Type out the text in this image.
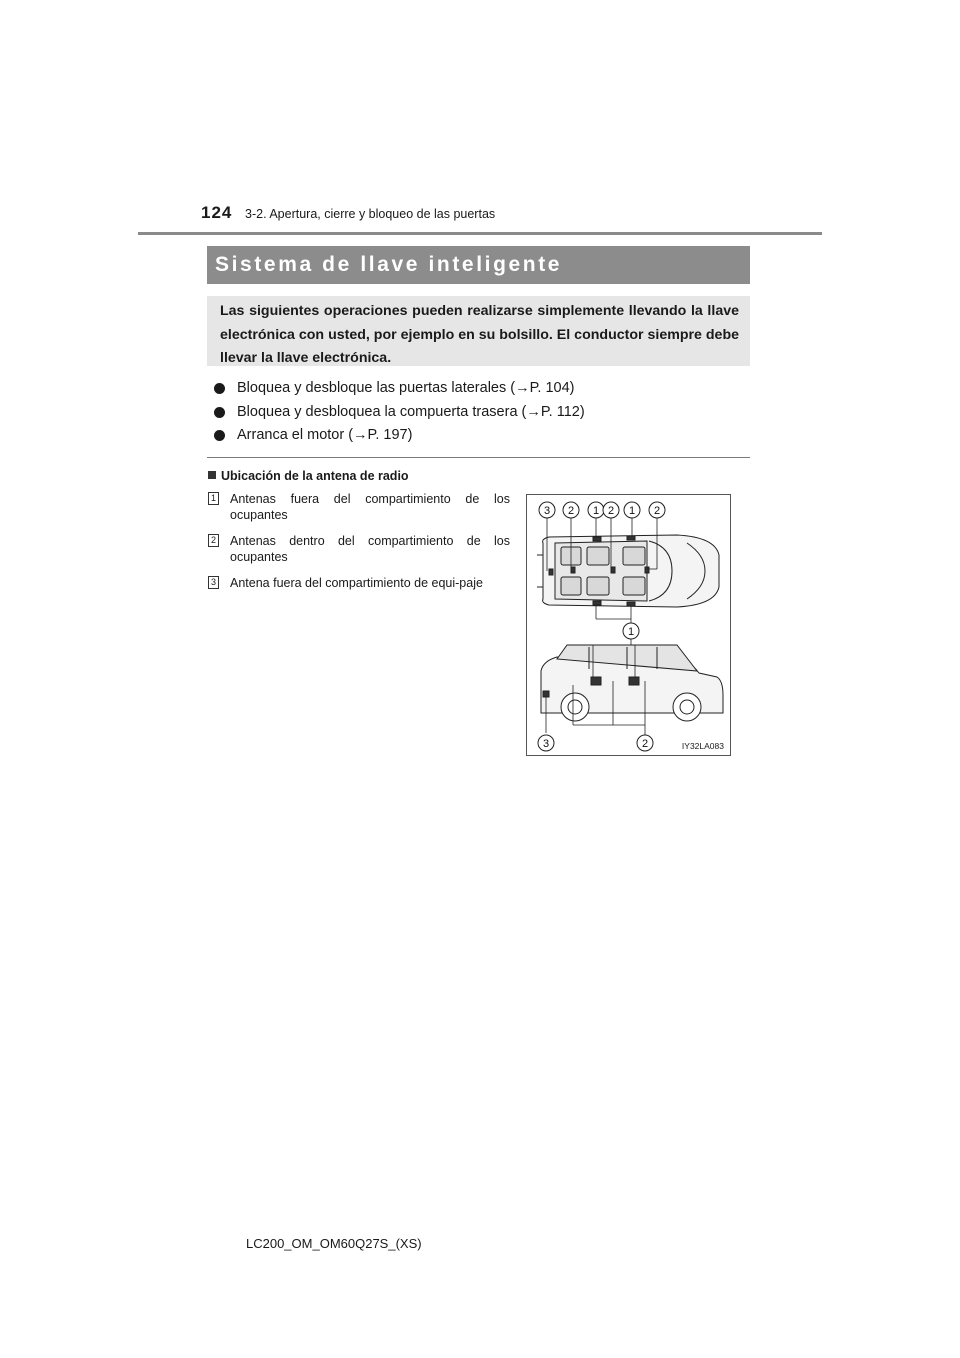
124 3-2. Apertura, cierre y bloqueo de las puertas
Sistema de llave inteligente
Las siguientes operaciones pueden realizarse simplemente llevando la llave electrónica con usted, por ejemplo en su bolsillo. El conductor siempre debe llevar la llave electrónica.
Bloquea y desbloque las puertas laterales (→P. 104)
Bloquea y desbloquea la compuerta trasera (→P. 112)
Arranca el motor (→P. 197)
Ubicación de la antena de radio
1 Antenas fuera del compartimiento de los ocupantes
2 Antenas dentro del compartimiento de los ocupantes
3 Antena fuera del compartimiento de equi-paje
3 2 1 2 1 2
1
3	2	IY32LA083
LC200_OM_OM60Q27S_(XS)
